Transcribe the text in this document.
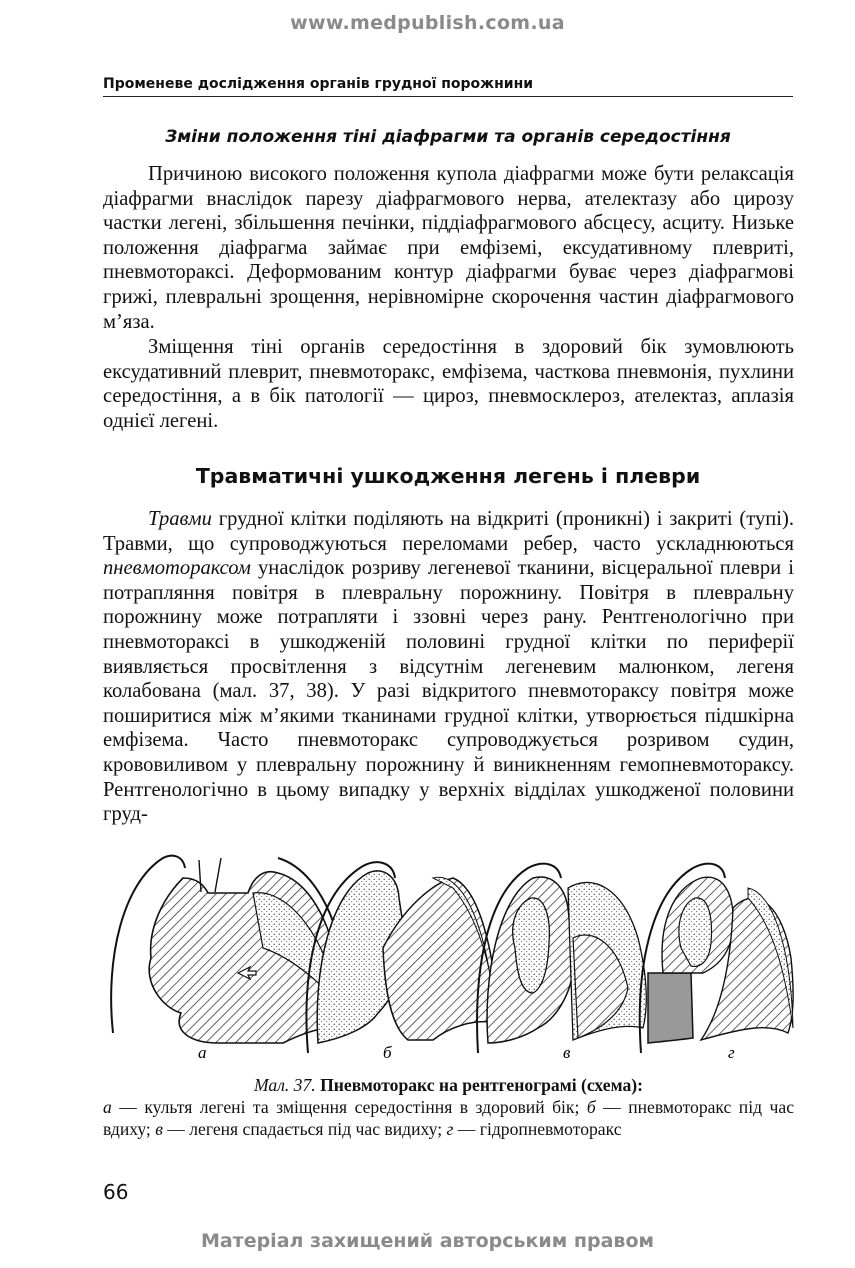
www.medpublish.com.ua
Променеве дослідження органів грудної порожнини
Зміни положення тіні діафрагми та органів середостіння

Причиною високого положення купола діафрагми може бути релаксація діафрагми внаслідок парезу діафрагмового нерва, ателектазу або цирозу частки легені, збільшення печінки, піддіафрагмового абсцесу, асциту. Низьке положення діафрагма займає при емфіземі, ексудативному плевриті, пневмотораксі. Деформованим контур діафрагми буває через діафрагмові грижі, плевральні зрощення, нерівномірне скорочення частин діафрагмового м’яза.

Зміщення тіні органів середостіння в здоровий бік зумовлюють ексудативний плеврит, пневмоторакс, емфізема, часткова пневмонія, пухлини середостіння, а в бік патології — цироз, пневмосклероз, ателектаз, аплазія однієї легені.

Травматичні ушкодження легень і плеври

Травми грудної клітки поділяють на відкриті (проникні) і закриті (тупі). Травми, що супроводжуються переломами ребер, часто ускладнюються пневмотораксом унаслідок розриву легеневої тканини, вісцеральної плеври і потрапляння повітря в плевральну порожнину. Повітря в плевральну порожнину може потрапляти і ззовні через рану. Рентгенологічно при пневмотораксі в ушкодженій половині грудної клітки по периферії виявляється просвітлення з відсутнім легеневим малюнком, легеня колабована (мал. 37, 38). У разі відкритого пневмотораксу повітря може поширитися між м’якими тканинами грудної клітки, утворюється підшкірна емфізема. Часто пневмоторакс супроводжується розривом судин, крововиливом у плевральну порожнину й виникненням гемопневмотораксу. Рентгенологічно в цьому випадку у верхніх відділах ушкодженої половини груд-

а	б	в	г
Мал. 37. Пневмоторакс на рентгенограмі (схема):
а — культя легені та зміщення середостіння в здоровий бік; б — пневмоторакс під час вдиху; в — легеня спадається під час видиху; г — гідропневмоторакс
66
Матеріал захищений авторським правом
